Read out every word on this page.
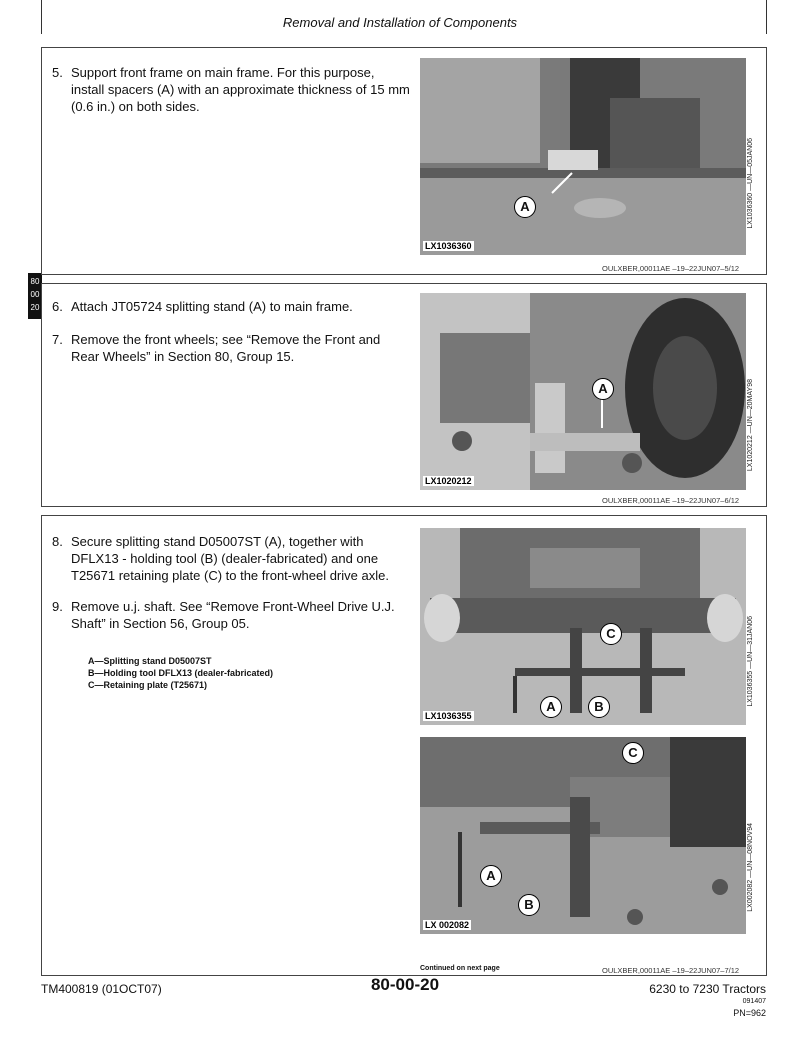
Removal and Installation of Components
80
00
20
5. Support front frame on main frame. For this purpose, install spacers (A) with an approximate thickness of 15 mm (0.6 in.) on both sides.
A
LX1036360
LX1036360 —UN—05JAN06
OULXBER,00011AE –19–22JUN07–5/12
6. Attach JT05724 splitting stand (A) to main frame.
7. Remove the front wheels; see “Remove the Front and Rear Wheels” in Section 80, Group 15.
A
LX1020212
LX1020212 —UN—20MAY98
OULXBER,00011AE –19–22JUN07–6/12
8. Secure splitting stand D05007ST (A), together with DFLX13 - holding tool (B) (dealer-fabricated) and one T25671 retaining plate (C) to the front-wheel drive axle.
9. Remove u.j. shaft. See “Remove Front-Wheel Drive U.J. Shaft” in Section 56, Group 05.
A—Splitting stand D05007ST
B—Holding tool DFLX13 (dealer-fabricated)
C—Retaining plate (T25671)
C
A	B
LX1036355
LX1036355 —UN—31JAN06
C
A
B
LX 002082
LX002082 —UN—08NOV94
OULXBER,00011AE –19–22JUN07–7/12
Continued on next page
TM400819 (01OCT07)	80-00-20	6230 to 7230 Tractors
091407
PN=962
